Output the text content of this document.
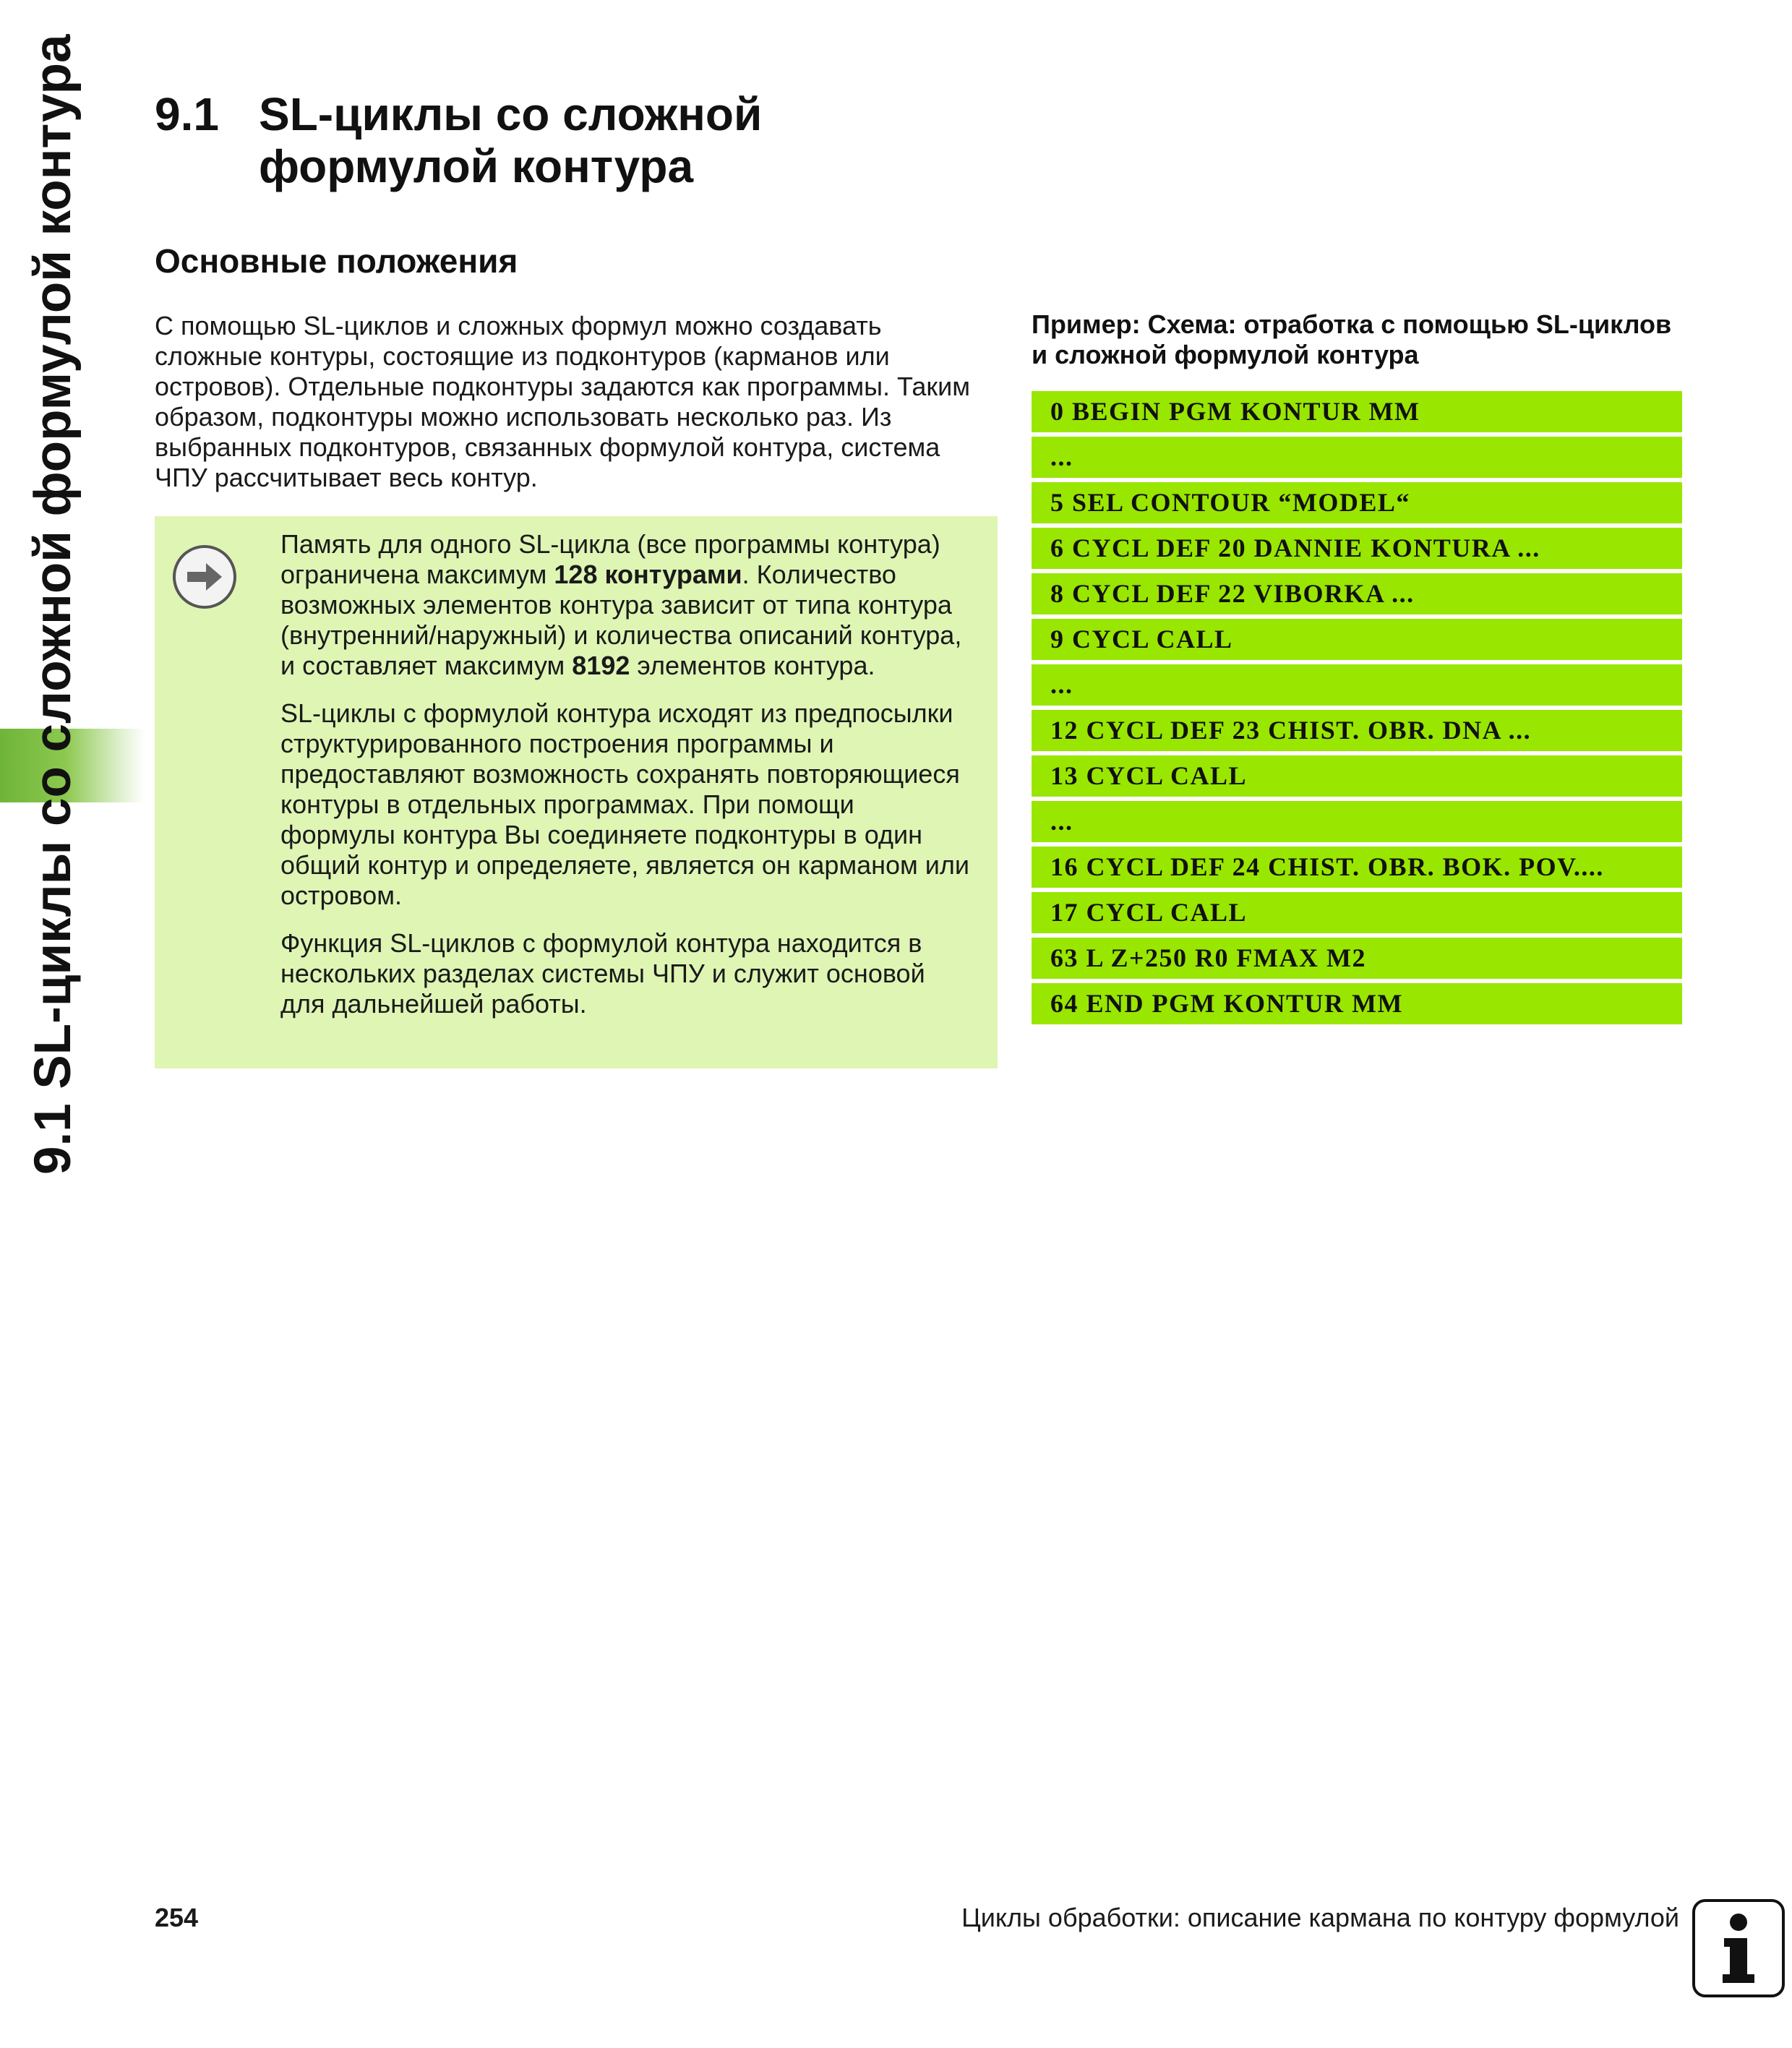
9.1 SL-циклы со сложной формулой контура 9.1 SL-циклы со сложной
формулой контура
Основные положения

С помощью SL-циклов и сложных формул можно создавать сложные контуры, состоящие из подконтуров (карманов или островов). Отдельные подконтуры задаются как программы. Таким образом, подконтуры можно использовать несколько раз. Из выбранных подконтуров, связанных формулой контура, система ЧПУ рассчитывает весь контур.

Память для одного SL-цикла (все программы контура) ограничена максимум 128 контурами. Количество возможных элементов контура зависит от типа контура (внутренний/наружный) и количества описаний контура, и составляет максимум 8192 элементов контура.

SL-циклы с формулой контура исходят из предпосылки структурированного построения программы и предоставляют возможность сохранять повторяющиеся контуры в отдельных программах. При помощи формулы контура Вы соединяете подконтуры в один общий контур и определяете, является он карманом или островом.

Функция SL-циклов с формулой контура находится в нескольких разделах системы ЧПУ и служит основой для дальнейшей работы.

Пример: Схема: отработка с помощью SL-циклов и сложной формулой контура
0 BEGIN PGM KONTUR MM
...
5 SEL CONTOUR “MODEL“
6 CYCL DEF 20 DANNIE KONTURA ...
8 CYCL DEF 22 VIBORKA ...
9 CYCL CALL
...
12 CYCL DEF 23 CHIST. OBR. DNA ...
13 CYCL CALL
...
16 CYCL DEF 24 CHIST. OBR. BOK. POV....
17 CYCL CALL
63 L Z+250 R0 FMAX M2
64 END PGM KONTUR MM
254	Циклы обработки: описание кармана по контуру формулой
